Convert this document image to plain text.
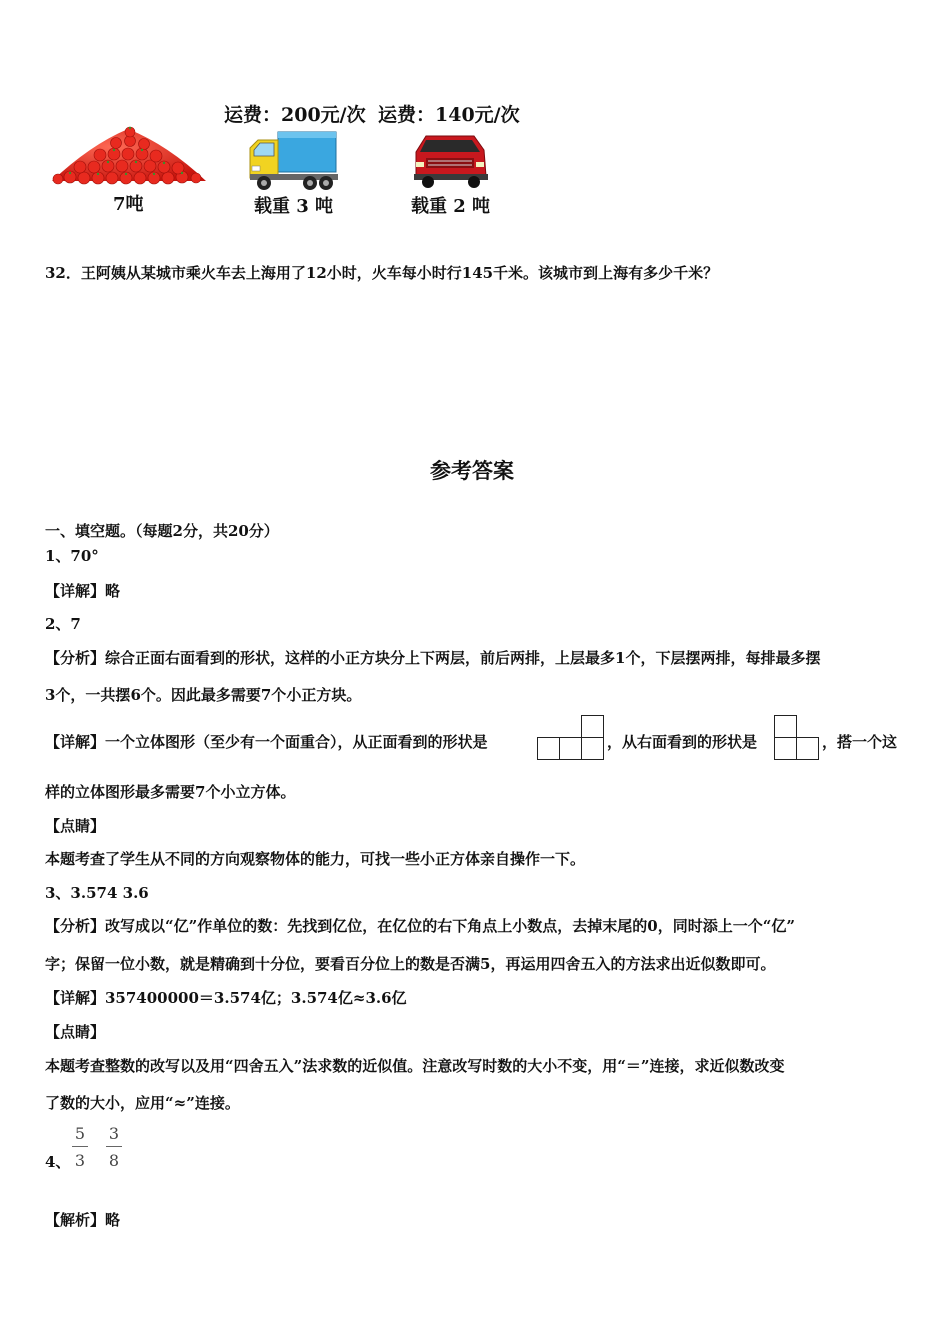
运费：200元/次 运费：140元/次
7吨	载重 3 吨	载重 2 吨
32．王阿姨从某城市乘火车去上海用了12小时，火车每小时行145千米。该城市到上海有多少千米？
参考答案
一、填空题。（每题2分，共20分）
1、70°
【详解】略
2、7
【分析】综合正面右面看到的形状，这样的小正方块分上下两层，前后两排，上层最多1个，下层摆两排，每排最多摆
3个，一共摆6个。因此最多需要7个小正方块。
【详解】一个立体图形（至少有一个面重合），从正面看到的形状是	，从右面看到的形状是	，搭一个这
样的立体图形最多需要7个小立方体。
【点睛】
本题考查了学生从不同的方向观察物体的能力，可找一些小正方体亲自操作一下。
3、3.574 3.6
【分析】改写成以“亿”作单位的数：先找到亿位，在亿位的右下角点上小数点，去掉末尾的0，同时添上一个“亿”
字；保留一位小数，就是精确到十分位，要看百分位上的数是否满5，再运用四舍五入的方法求出近似数即可。
【详解】357400000＝3.574亿；3.574亿≈3.6亿
【点睛】
本题考查整数的改写以及用“四舍五入”法求数的近似值。注意改写时数的大小不变，用“＝”连接，求近似数改变
了数的大小，应用“≈”连接。
4、
5
3
3
8
【解析】略
